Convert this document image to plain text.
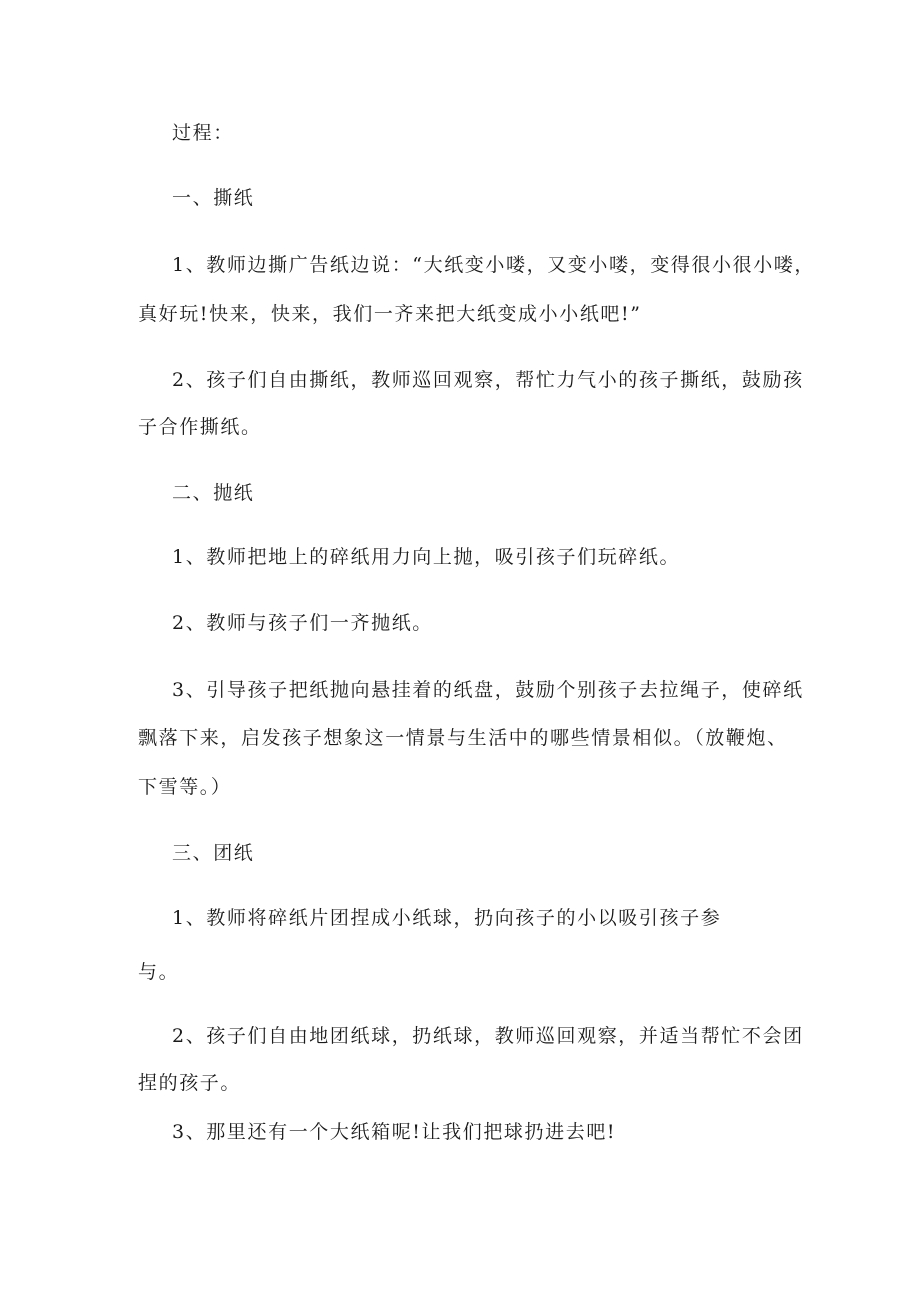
过程：
一、撕纸
1、教师边撕广告纸边说：“大纸变小喽，又变小喽，变得很小很小喽，
真好玩!快来，快来，我们一齐来把大纸变成小小纸吧!”
2、孩子们自由撕纸，教师巡回观察，帮忙力气小的孩子撕纸，鼓励孩
子合作撕纸。
二、抛纸
1、教师把地上的碎纸用力向上抛，吸引孩子们玩碎纸。
2、教师与孩子们一齐抛纸。
3、引导孩子把纸抛向悬挂着的纸盘，鼓励个别孩子去拉绳子，使碎纸
飘落下来，启发孩子想象这一情景与生活中的哪些情景相似。（放鞭炮、
下雪等。）
三、团纸
1、教师将碎纸片团捏成小纸球，扔向孩子的小以吸引孩子参
与。
2、孩子们自由地团纸球，扔纸球，教师巡回观察，并适当帮忙不会团
捏的孩子。
3、那里还有一个大纸箱呢!让我们把球扔进去吧!
